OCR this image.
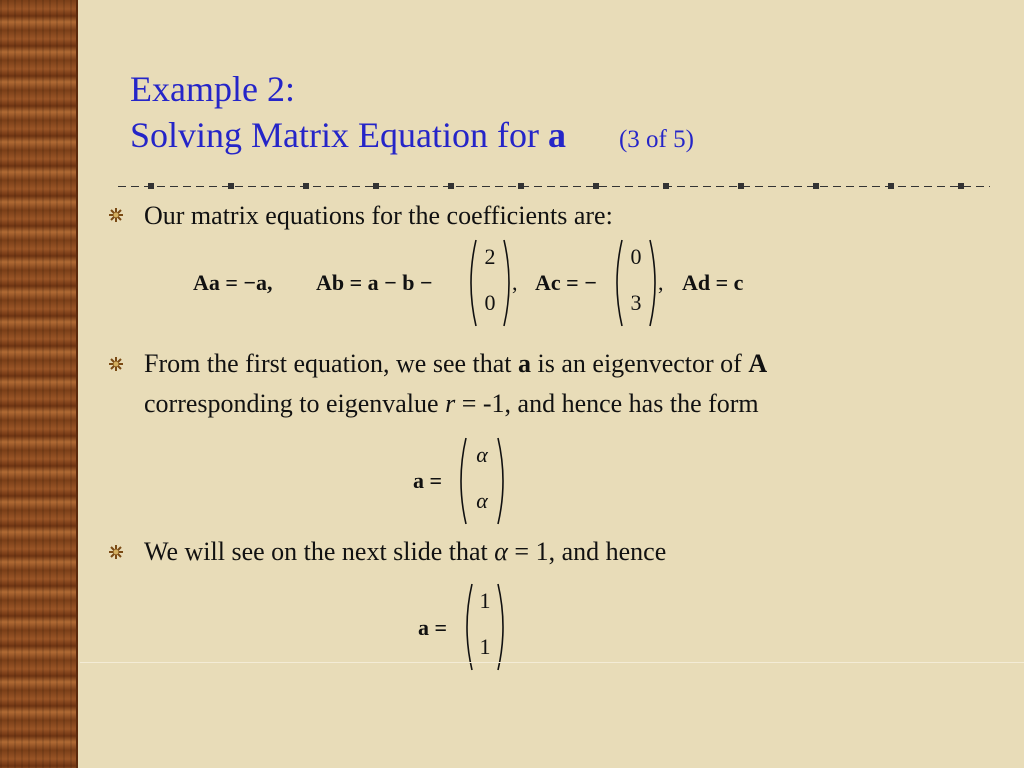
Example 2:
Solving Matrix Equation for a (3 of 5)

Our matrix equations for the coefficients are:

Aa = −a, Ab = a − b −
2
0
, Ac = −
0
3
, Ad = c

From the first equation, we see that a is an eigenvector of A
corresponding to eigenvalue r = -1, and hence has the form

a =
α
α

We will see on the next slide that α = 1, and hence

a =
1
1
